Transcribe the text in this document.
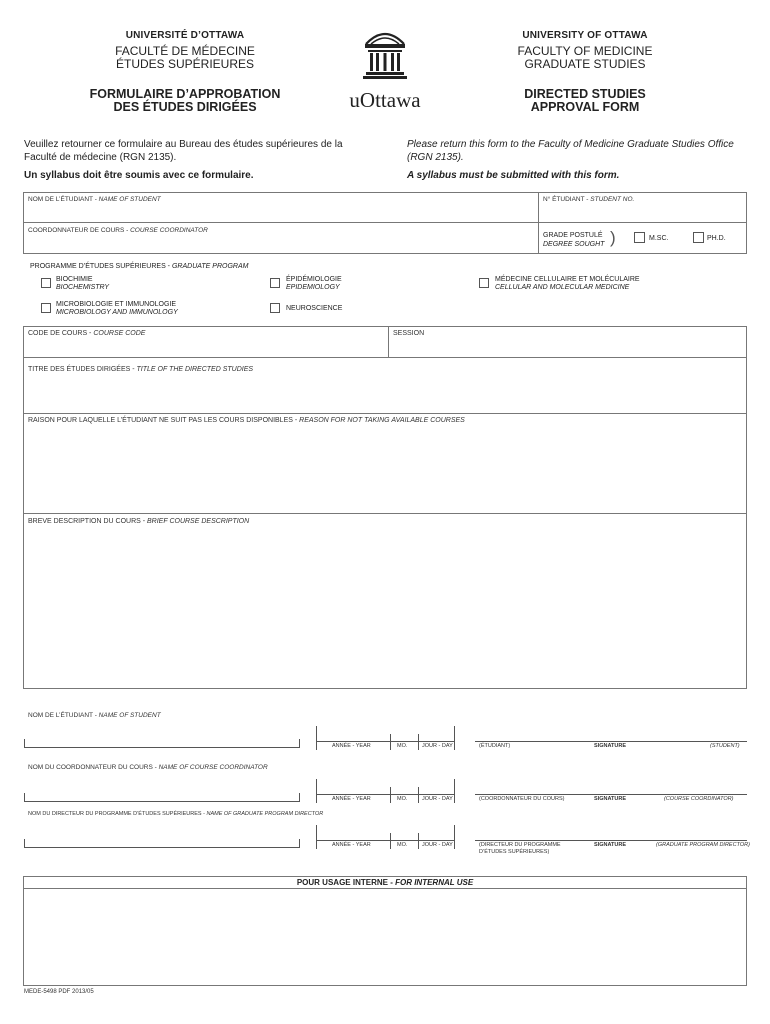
UNIVERSITÉ D’OTTAWA
FACULTÉ DE MÉDECINE
ÉTUDES SUPÉRIEURES
FORMULAIRE D’APPROBATION
DES ÉTUDES DIRIGÉES
UNIVERSITY OF OTTAWA
FACULTY OF MEDICINE
GRADUATE STUDIES
DIRECTED STUDIES
APPROVAL FORM
uOttawa
Veuillez retourner ce formulaire au Bureau des études supérieures de la
Faculté de médecine (RGN 2135).
Un syllabus doit être soumis avec ce formulaire.
Please return this form to the Faculty of Medicine Graduate Studies Office
(RGN 2135).
A syllabus must be submitted with this form.
NOM DE L’ÉTUDIANT - NAME OF STUDENT	N° ÉTUDIANT - STUDENT NO.
COORDONNATEUR DE COURS - COURSE COORDINATOR
GRADE POSTULÉ
DEGREE SOUGHT )	M.SC.	PH.D.
PROGRAMME D’ÉTUDES SUPÉRIEURES - GRADUATE PROGRAM
BIOCHIMIE
BIOCHEMISTRY
ÉPIDÉMIOLOGIE
EPIDEMIOLOGY
MÉDECINE CELLULAIRE ET MOLÉCULAIRE
CELLULAR AND MOLECULAR MEDICINE
MICROBIOLOGIE ET IMMUNOLOGIE
MICROBIOLOGY AND IMMUNOLOGY
NEUROSCIENCE
CODE DE COURS - COURSE CODE	SESSION
TITRE DES ÉTUDES DIRIGÉES - TITLE OF THE DIRECTED STUDIES
RAISON POUR LAQUELLE L’ÉTUDIANT NE SUIT PAS LES COURS DISPONIBLES - REASON FOR NOT TAKING AVAILABLE COURSES
BREVE DESCRIPTION DU COURS - BRIEF COURSE DESCRIPTION
NOM DE L’ÉTUDIANT - NAME OF STUDENT
ANNÉE - YEAR	MO.	JOUR - DAY	(ÉTUDIANT)	SIGNATURE	(STUDENT)
NOM DU COORDONNATEUR DU COURS - NAME OF COURSE COORDINATOR
ANNÉE - YEAR	MO.	JOUR - DAY	(COORDONNATEUR DU COURS)	SIGNATURE	(COURSE COORDINATOR)
NOM DU DIRECTEUR DU PROGRAMME D’ÉTUDES SUPÉRIEURES - NAME OF GRADUATE PROGRAM DIRECTOR
ANNÉE - YEAR	MO.	JOUR - DAY	(DIRECTEUR DU PROGRAMME
D’ÉTUDES SUPÉRIEURES)
SIGNATURE	(GRADUATE PROGRAM DIRECTOR)
POUR USAGE INTERNE - FOR INTERNAL USE
MEDE-5498 PDF 2013/05
